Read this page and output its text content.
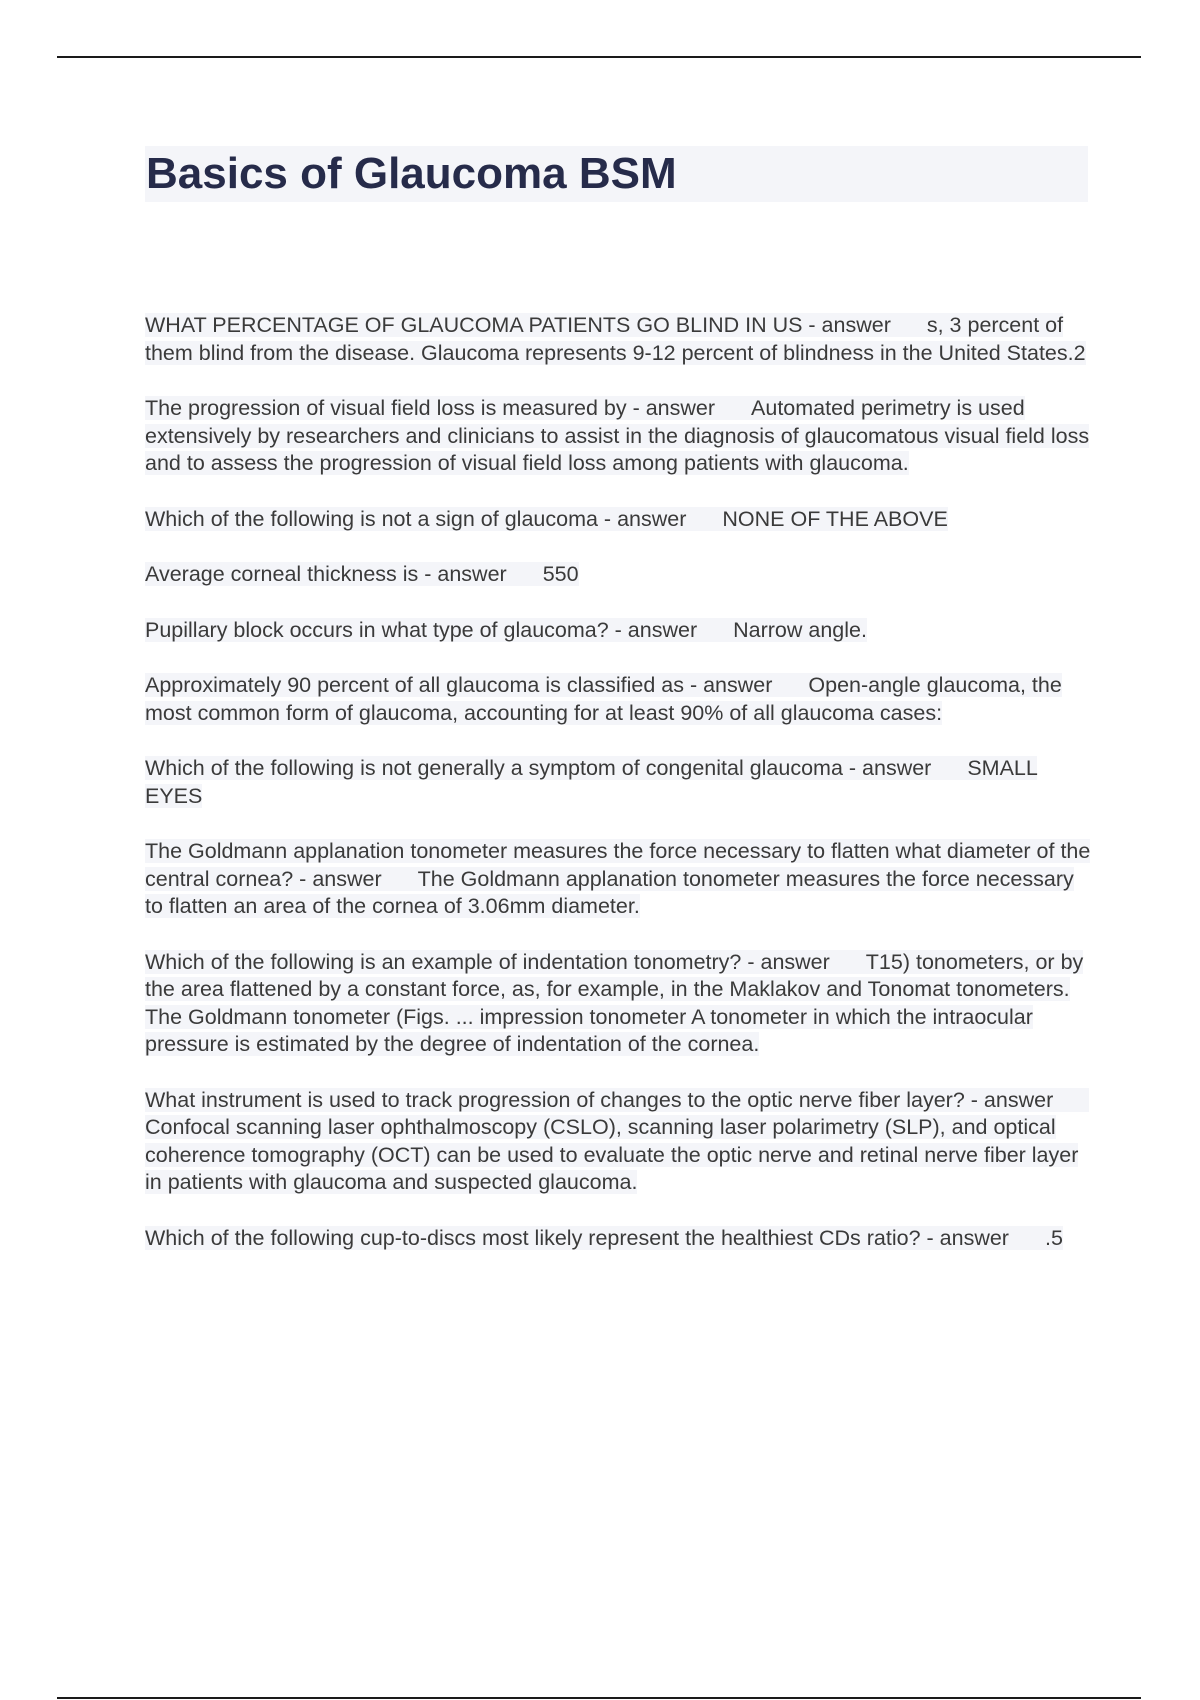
Basics of Glaucoma BSM

WHAT PERCENTAGE OF GLAUCOMA PATIENTS GO BLIND IN US - answer s, 3 percent of them blind from the disease. Glaucoma represents 9-12 percent of blindness in the United States.2

The progression of visual field loss is measured by - answer Automated perimetry is used extensively by researchers and clinicians to assist in the diagnosis of glaucomatous visual field loss and to assess the progression of visual field loss among patients with glaucoma.

Which of the following is not a sign of glaucoma - answer NONE OF THE ABOVE

Average corneal thickness is - answer 550

Pupillary block occurs in what type of glaucoma? - answer Narrow angle.

Approximately 90 percent of all glaucoma is classified as - answer Open-angle glaucoma, the most common form of glaucoma, accounting for at least 90% of all glaucoma cases:

Which of the following is not generally a symptom of congenital glaucoma - answer SMALL EYES

The Goldmann applanation tonometer measures the force necessary to flatten what diameter of the central cornea? - answer The Goldmann applanation tonometer measures the force necessary to flatten an area of the cornea of 3.06mm diameter.

Which of the following is an example of indentation tonometry? - answer T15) tonometers, or by the area flattened by a constant force, as, for example, in the Maklakov and Tonomat tonometers. The Goldmann tonometer (Figs. ... impression tonometer A tonometer in which the intraocular pressure is estimated by the degree of indentation of the cornea.

What instrument is used to track progression of changes to the optic nerve fiber layer? - answerConfocal scanning laser ophthalmoscopy (CSLO), scanning laser polarimetry (SLP), and optical coherence tomography (OCT) can be used to evaluate the optic nerve and retinal nerve fiber layer in patients with glaucoma and suspected glaucoma.

Which of the following cup-to-discs most likely represent the healthiest CDs ratio? - answer .5
